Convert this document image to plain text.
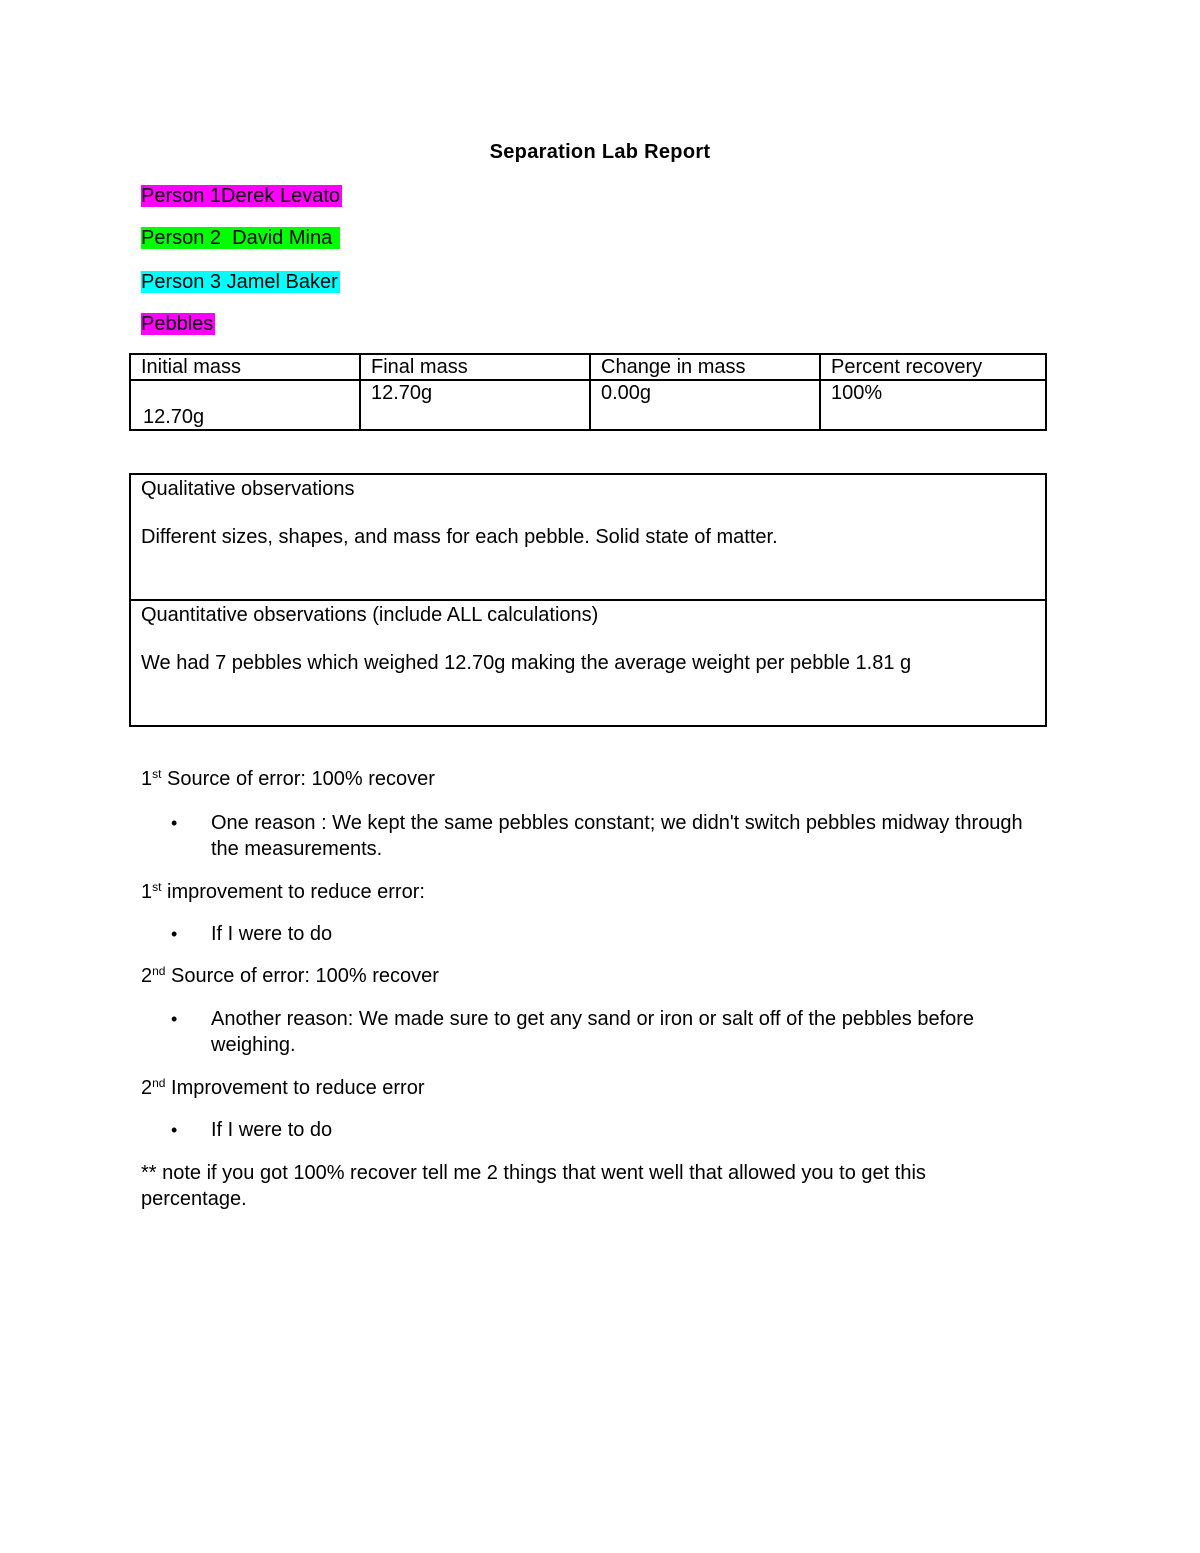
Separation Lab Report
Person 1Derek Levato
Person 2  David Mina
Person 3 Jamel Baker
Pebbles
Initial mass	Final mass	Change in mass	Percent recovery

12.70g	12.70g	0.00g	100%
Qualitative observations
Different sizes, shapes, and mass for each pebble. Solid state of matter.
Quantitative observations (include ALL calculations)
We had 7 pebbles which weighed 12.70g making the average weight per pebble 1.81 g
1st Source of error: 100% recover
• One reason : We kept the same pebbles constant; we didn't switch pebbles midway through the measurements.
1st improvement to reduce error:
• If I were to do
2nd Source of error: 100% recover
• Another reason: We made sure to get any sand or iron or salt off of the pebbles before weighing.
2nd Improvement to reduce error
• If I were to do
** note if you got 100% recover tell me 2 things that went well that allowed you to get this percentage.
